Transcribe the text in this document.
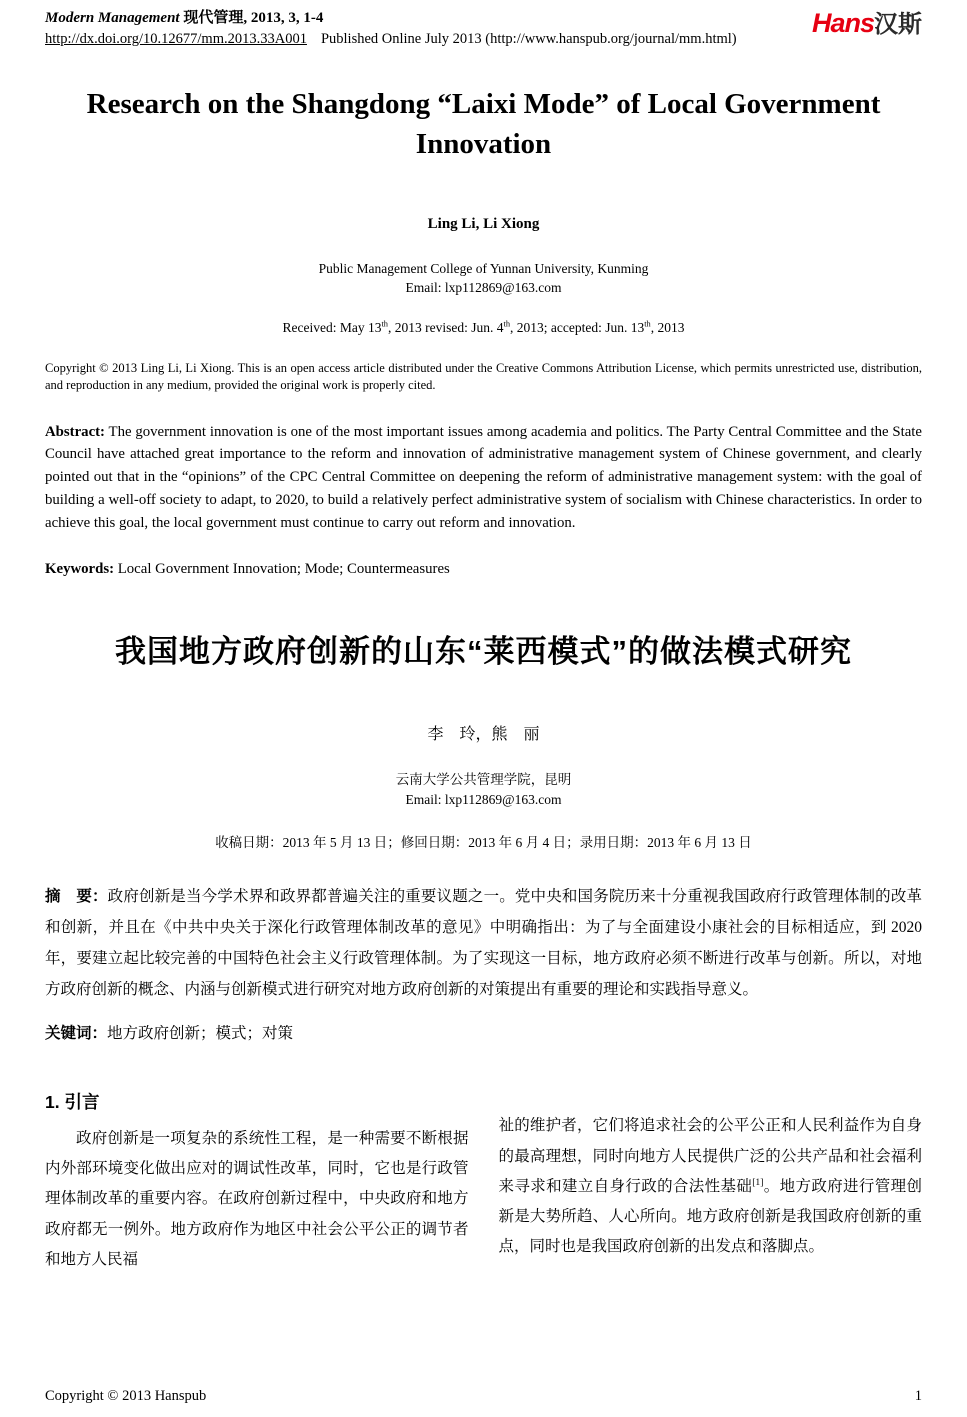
Modern Management 现代管理, 2013, 3, 1-4
http://dx.doi.org/10.12677/mm.2013.33A001 Published Online July 2013 (http://www.hanspub.org/journal/mm.html)
Hans汉斯
Research on the Shangdong “Laixi Mode” of Local Government Innovation
Ling Li, Li Xiong
Public Management College of Yunnan University, Kunming
Email: lxp112869@163.com
Received: May 13th, 2013 revised: Jun. 4th, 2013; accepted: Jun. 13th, 2013

Copyright © 2013 Ling Li, Li Xiong. This is an open access article distributed under the Creative Commons Attribution License, which permits unrestricted use, distribution, and reproduction in any medium, provided the original work is properly cited.

Abstract: The government innovation is one of the most important issues among academia and politics. The Party Central Committee and the State Council have attached great importance to the reform and innovation of administrative management system of Chinese government, and clearly pointed out that in the “opinions” of the CPC Central Committee on deepening the reform of administrative management system: with the goal of building a well-off society to adapt, to 2020, to build a relatively perfect administrative system of socialism with Chinese characteristics. In order to achieve this goal, the local government must continue to carry out reform and innovation.

Keywords: Local Government Innovation; Mode; Countermeasures

我国地方政府创新的山东“莱西模式”的做法模式研究
李　玲，熊　丽
云南大学公共管理学院，昆明
Email: lxp112869@163.com
收稿日期：2013 年 5 月 13 日；修回日期：2013 年 6 月 4 日；录用日期：2013 年 6 月 13 日

摘　要：政府创新是当今学术界和政界都普遍关注的重要议题之一。党中央和国务院历来十分重视我国政府行政管理体制的改革和创新，并且在《中共中央关于深化行政管理体制改革的意见》中明确指出：为了与全面建设小康社会的目标相适应，到 2020 年，要建立起比较完善的中国特色社会主义行政管理体制。为了实现这一目标，地方政府必须不断进行改革与创新。所以，对地方政府创新的概念、内涵与创新模式进行研究对地方政府创新的对策提出有重要的理论和实践指导意义。

关键词：地方政府创新；模式；对策

1. 引言

政府创新是一项复杂的系统性工程，是一种需要不断根据内外部环境变化做出应对的调试性改革，同时，它也是行政管理体制改革的重要内容。在政府创新过程中，中央政府和地方政府都无一例外。地方政府作为地区中社会公平公正的调节者和地方人民福

祉的维护者，它们将追求社会的公平公正和人民利益作为自身的最高理想，同时向地方人民提供广泛的公共产品和社会福利来寻求和建立自身行政的合法性基础[1]。地方政府进行管理创新是大势所趋、人心所向。地方政府创新是我国政府创新的重点，同时也是我国政府创新的出发点和落脚点。

Copyright © 2013 Hanspub	1
